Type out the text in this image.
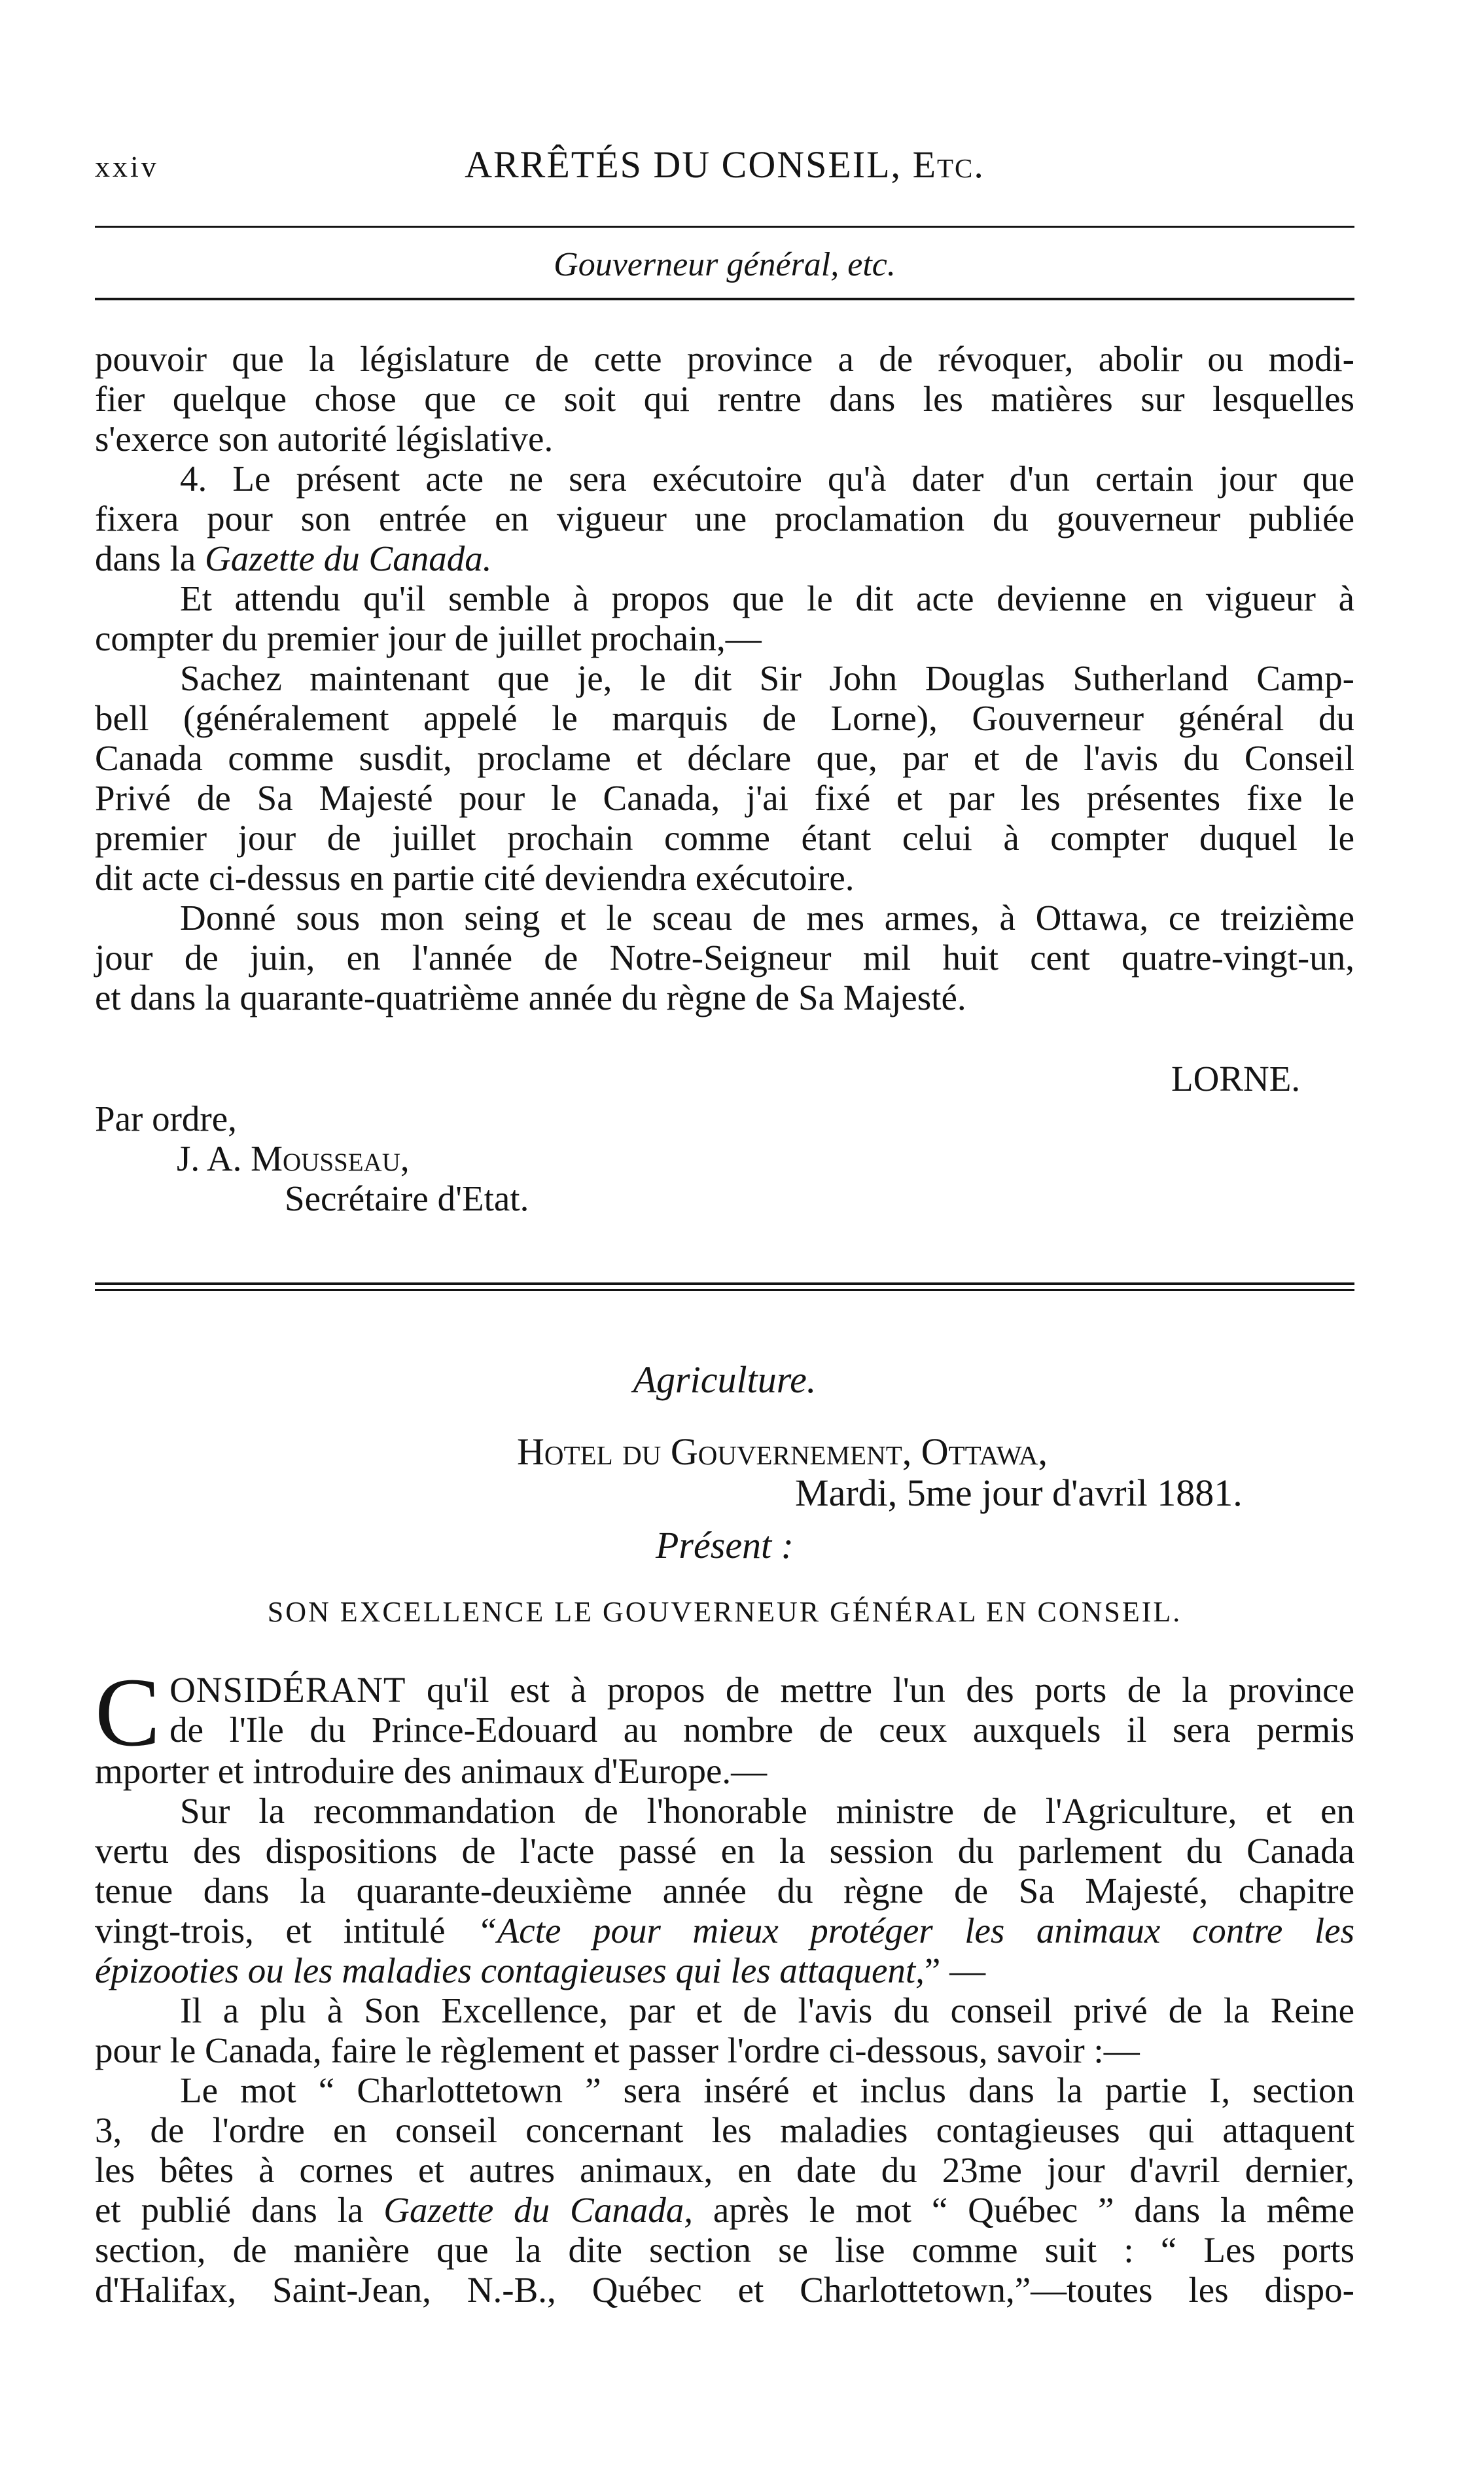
xxiv	ARRÊTÉS DU CONSEIL, Etc.
Gouverneur général, etc.
pouvoir que la législature de cette province a de révoquer, abolir ou modi-
fier quelque chose que ce soit qui rentre dans les matières sur lesquelles
s'exerce son autorité législative.
4. Le présent acte ne sera exécutoire qu'à dater d'un certain jour que
fixera pour son entrée en vigueur une proclamation du gouverneur publiée
dans la Gazette du Canada.
Et attendu qu'il semble à propos que le dit acte devienne en vigueur à
compter du premier jour de juillet prochain,—
Sachez maintenant que je, le dit Sir John Douglas Sutherland Camp-
bell (généralement appelé le marquis de Lorne), Gouverneur général du
Canada comme susdit, proclame et déclare que, par et de l'avis du Conseil
Privé de Sa Majesté pour le Canada, j'ai fixé et par les présentes fixe le
premier jour de juillet prochain comme étant celui à compter duquel le
dit acte ci-dessus en partie cité deviendra exécutoire.
Donné sous mon seing et le sceau de mes armes, à Ottawa, ce treizième
jour de juin, en l'année de Notre-Seigneur mil huit cent quatre-vingt-un,
et dans la quarante-quatrième année du règne de Sa Majesté.
LORNE.
Par ordre,
J. A. Mousseau,
Secrétaire d'Etat.
Agriculture.
Hotel du Gouvernement, Ottawa,
Mardi, 5me jour d'avril 1881.
Présent :
SON EXCELLENCE LE GOUVERNEUR GÉNÉRAL EN CONSEIL.
C ONSIDÉRANT qu'il est à propos de mettre l'un des ports de la province
de l'Ile du Prince-Edouard au nombre de ceux auxquels il sera permis
mporter et introduire des animaux d'Europe.—
Sur la recommandation de l'honorable ministre de l'Agriculture, et en
vertu des dispositions de l'acte passé en la session du parlement du Canada
tenue dans la quarante-deuxième année du règne de Sa Majesté, chapitre
vingt-trois, et intitulé “Acte pour mieux protéger les animaux contre les
épizooties ou les maladies contagieuses qui les attaquent,” —
Il a plu à Son Excellence, par et de l'avis du conseil privé de la Reine
pour le Canada, faire le règlement et passer l'ordre ci-dessous, savoir :—
Le mot “ Charlottetown ” sera inséré et inclus dans la partie I, section
3, de l'ordre en conseil concernant les maladies contagieuses qui attaquent
les bêtes à cornes et autres animaux, en date du 23me jour d'avril dernier,
et publié dans la Gazette du Canada, après le mot “ Québec ” dans la même
section, de manière que la dite section se lise comme suit : “ Les ports
d'Halifax, Saint-Jean, N.-B., Québec et Charlottetown,”—toutes les dispo-
